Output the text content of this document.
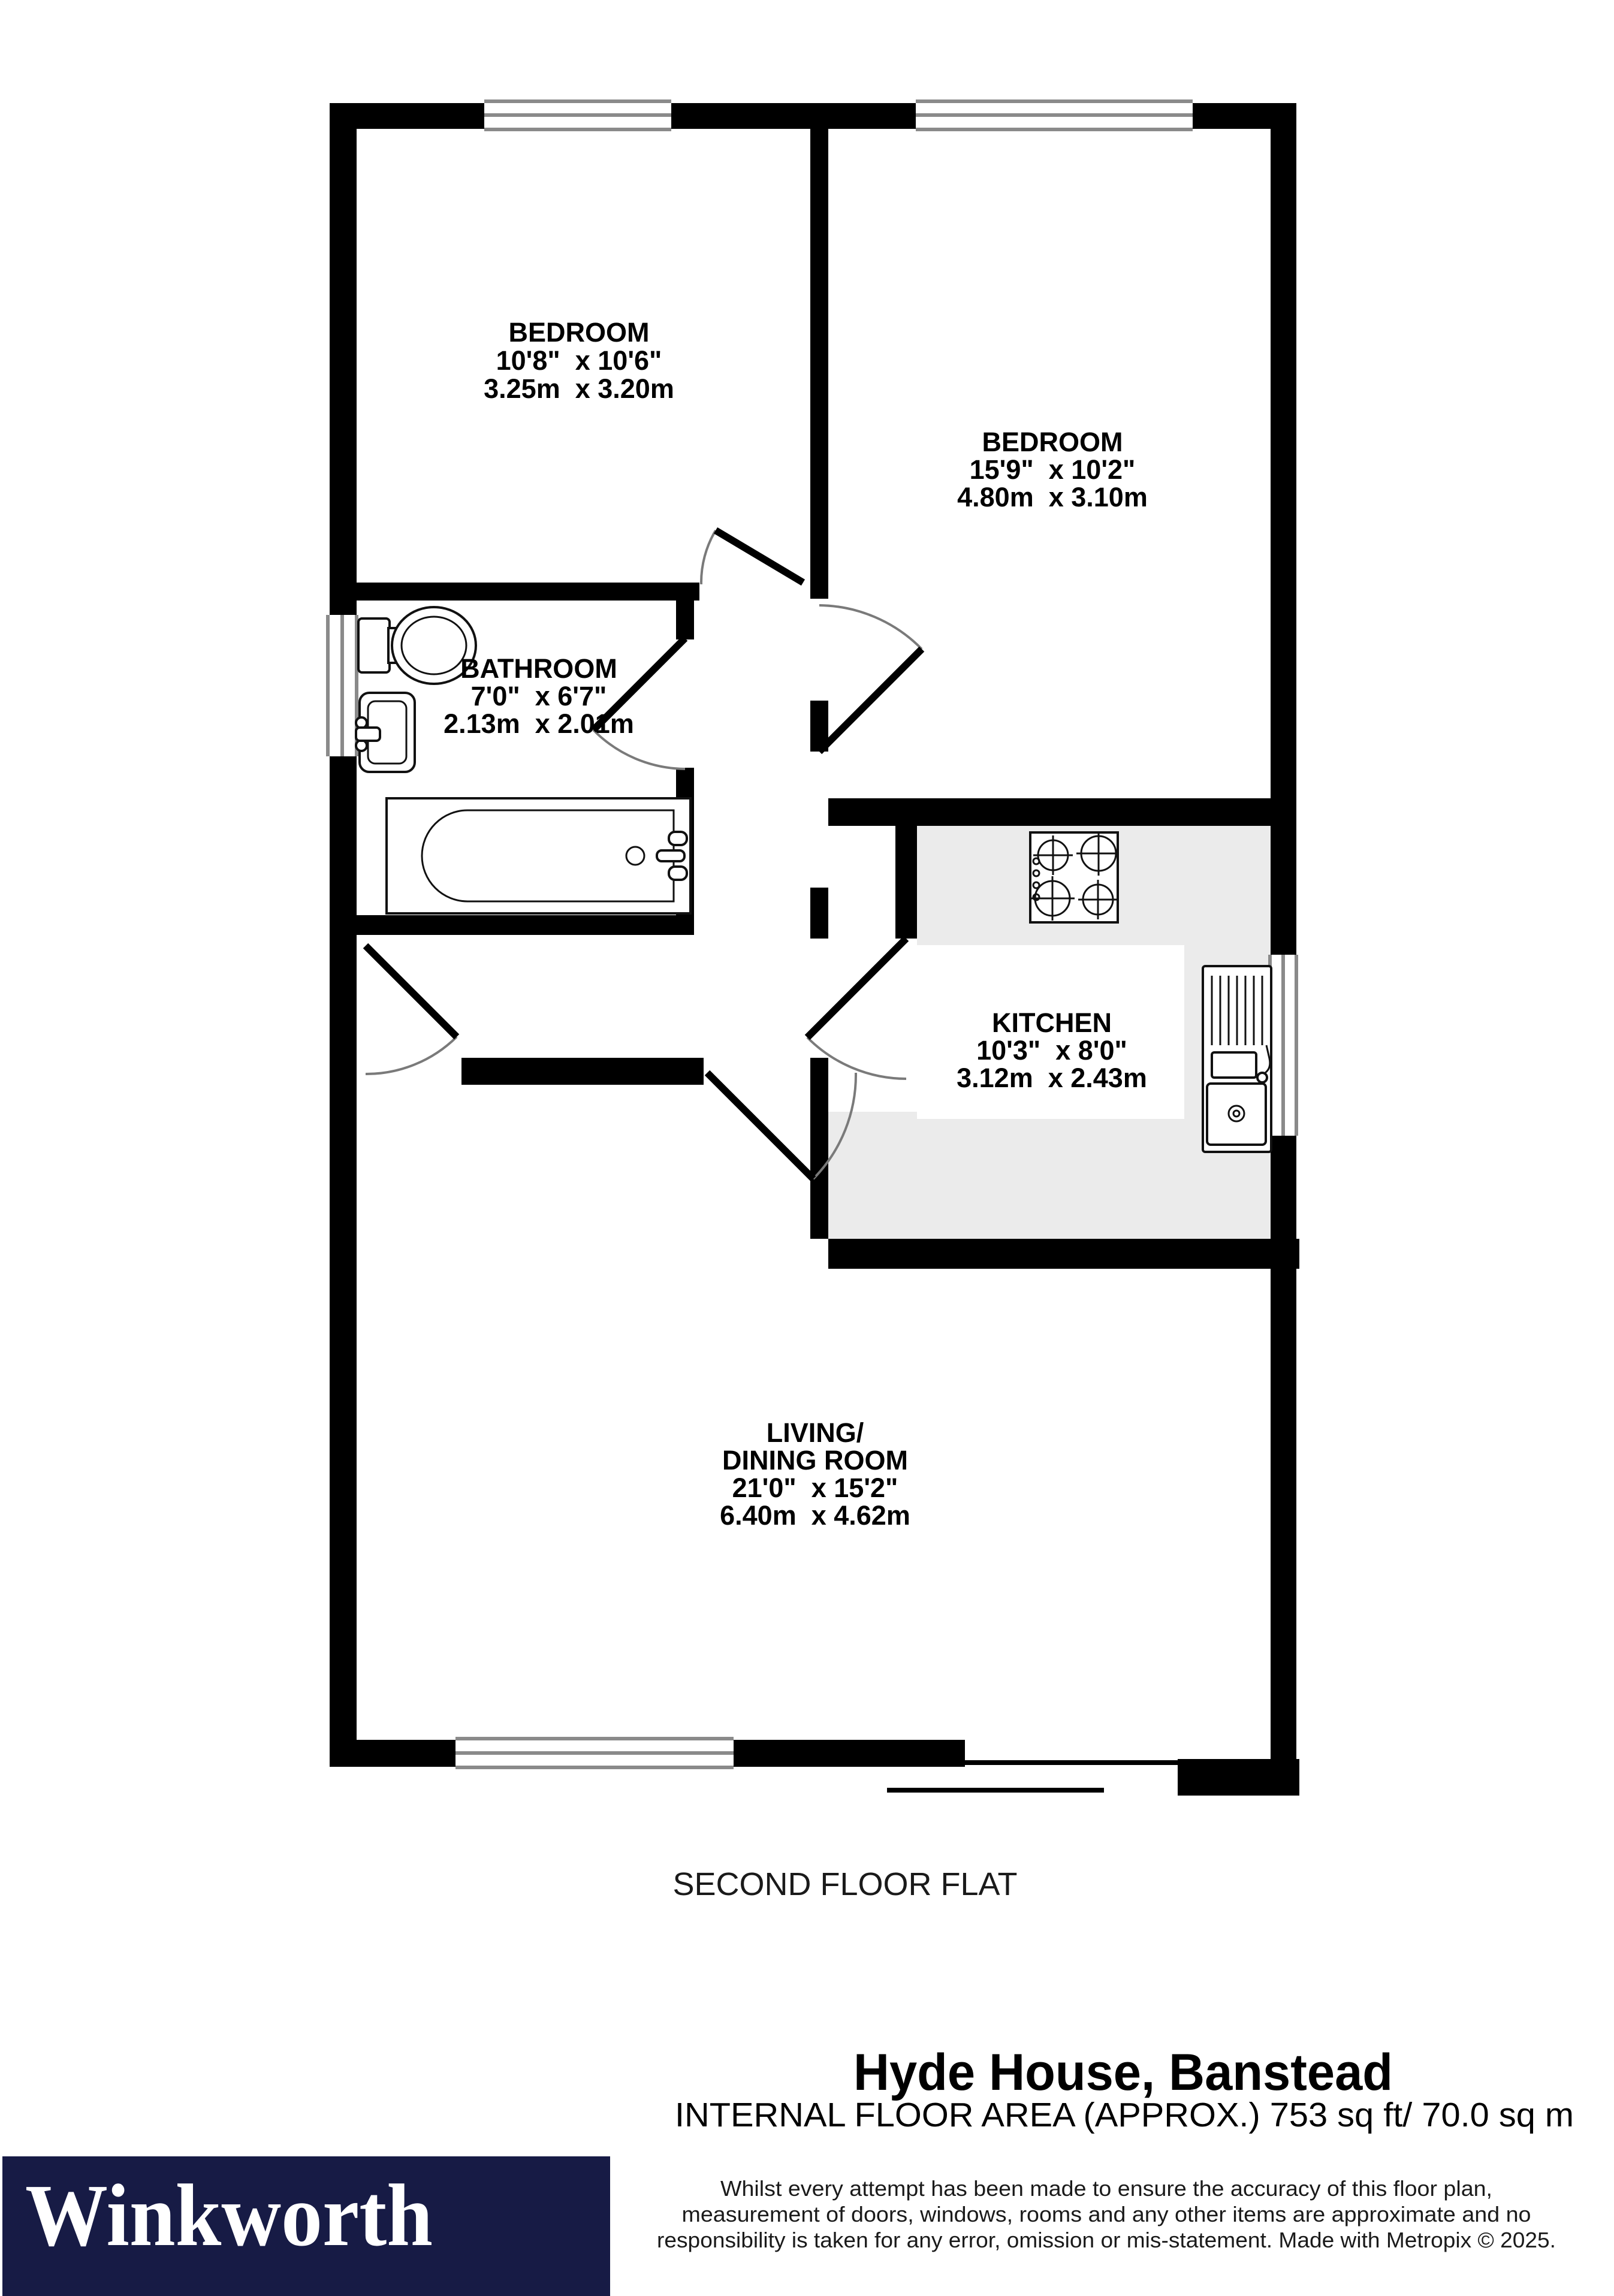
BEDROOM
10'8"  x 10'6"
3.25m  x 3.20m
BEDROOM
15'9"  x 10'2"
4.80m  x 3.10m
BATHROOM
7'0"  x 6'7"
2.13m  x 2.01m
KITCHEN
10'3"  x 8'0"
3.12m  x 2.43m
LIVING/
DINING ROOM
21'0"  x 15'2"
6.40m  x 4.62m
SECOND FLOOR FLAT
Hyde House, Banstead
INTERNAL FLOOR AREA (APPROX.) 753 sq ft/ 70.0 sq m
Whilst every attempt has been made to ensure the accuracy of this floor plan,
measurement of doors, windows, rooms and any other items are approximate and no
responsibility is taken for any error, omission or mis-statement. Made with Metropix © 2025.
Winkworth
